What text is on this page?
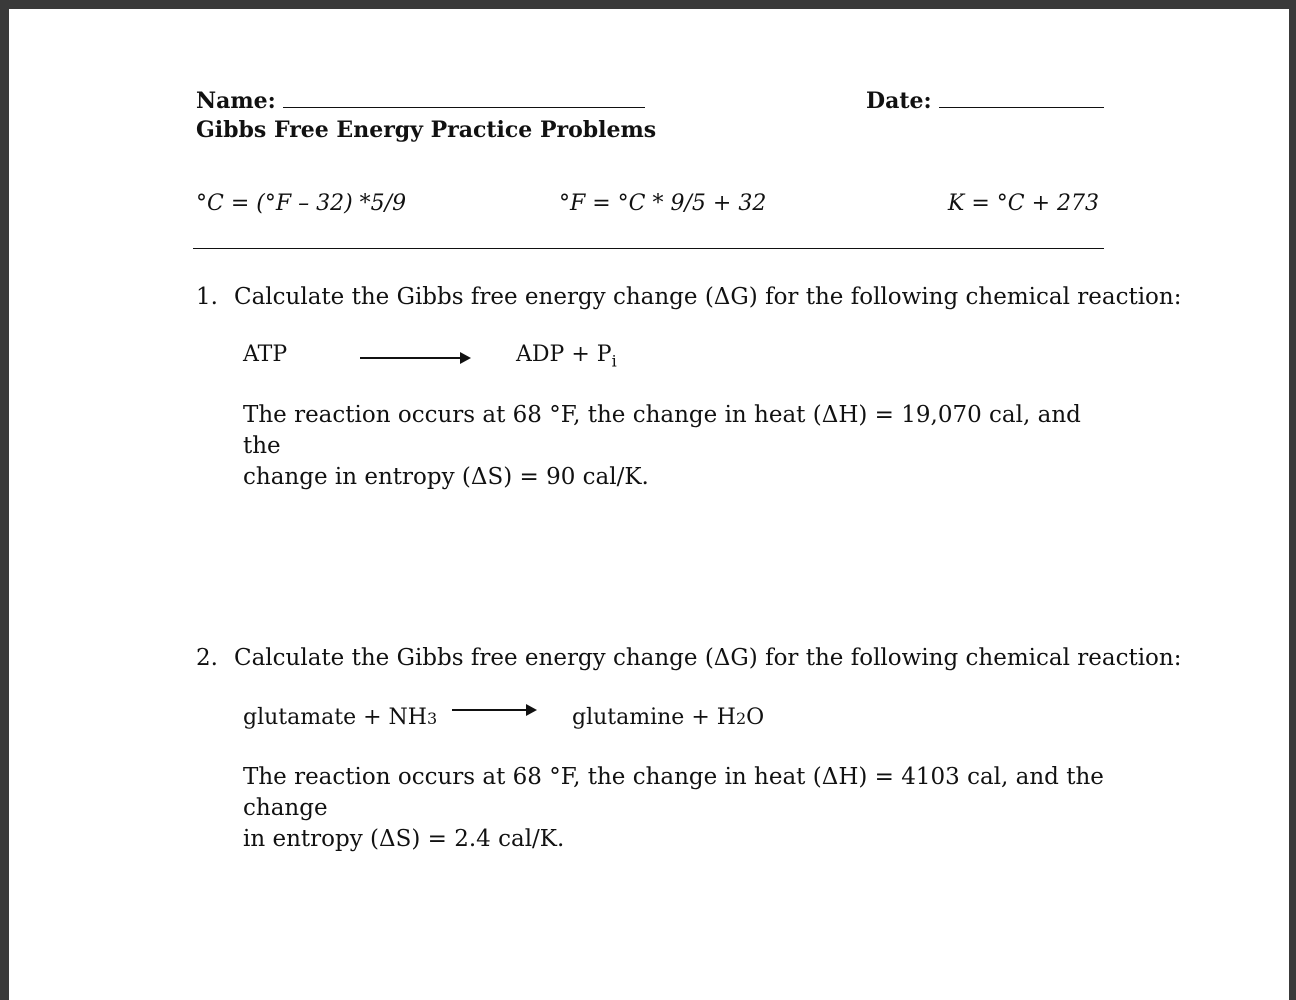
Name:	Date:
Gibbs Free Energy Practice Problems
°C = (°F – 32) *5/9	°F = °C * 9/5 + 32	K = °C + 273
1. Calculate the Gibbs free energy change (ΔG) for the following chemical reaction:
ATP	ADP + $P_i$
The reaction occurs at 68 °F, the change in heat (ΔH) = 19,070 cal, and the
change in entropy (ΔS) = 90 cal/K.
2. Calculate the Gibbs free energy change (ΔG) for the following chemical reaction:
glutamate + NH3	glutamine + H2O
The reaction occurs at 68 °F, the change in heat (ΔH) = 4103 cal, and the change
in entropy (ΔS) = 2.4 cal/K.
